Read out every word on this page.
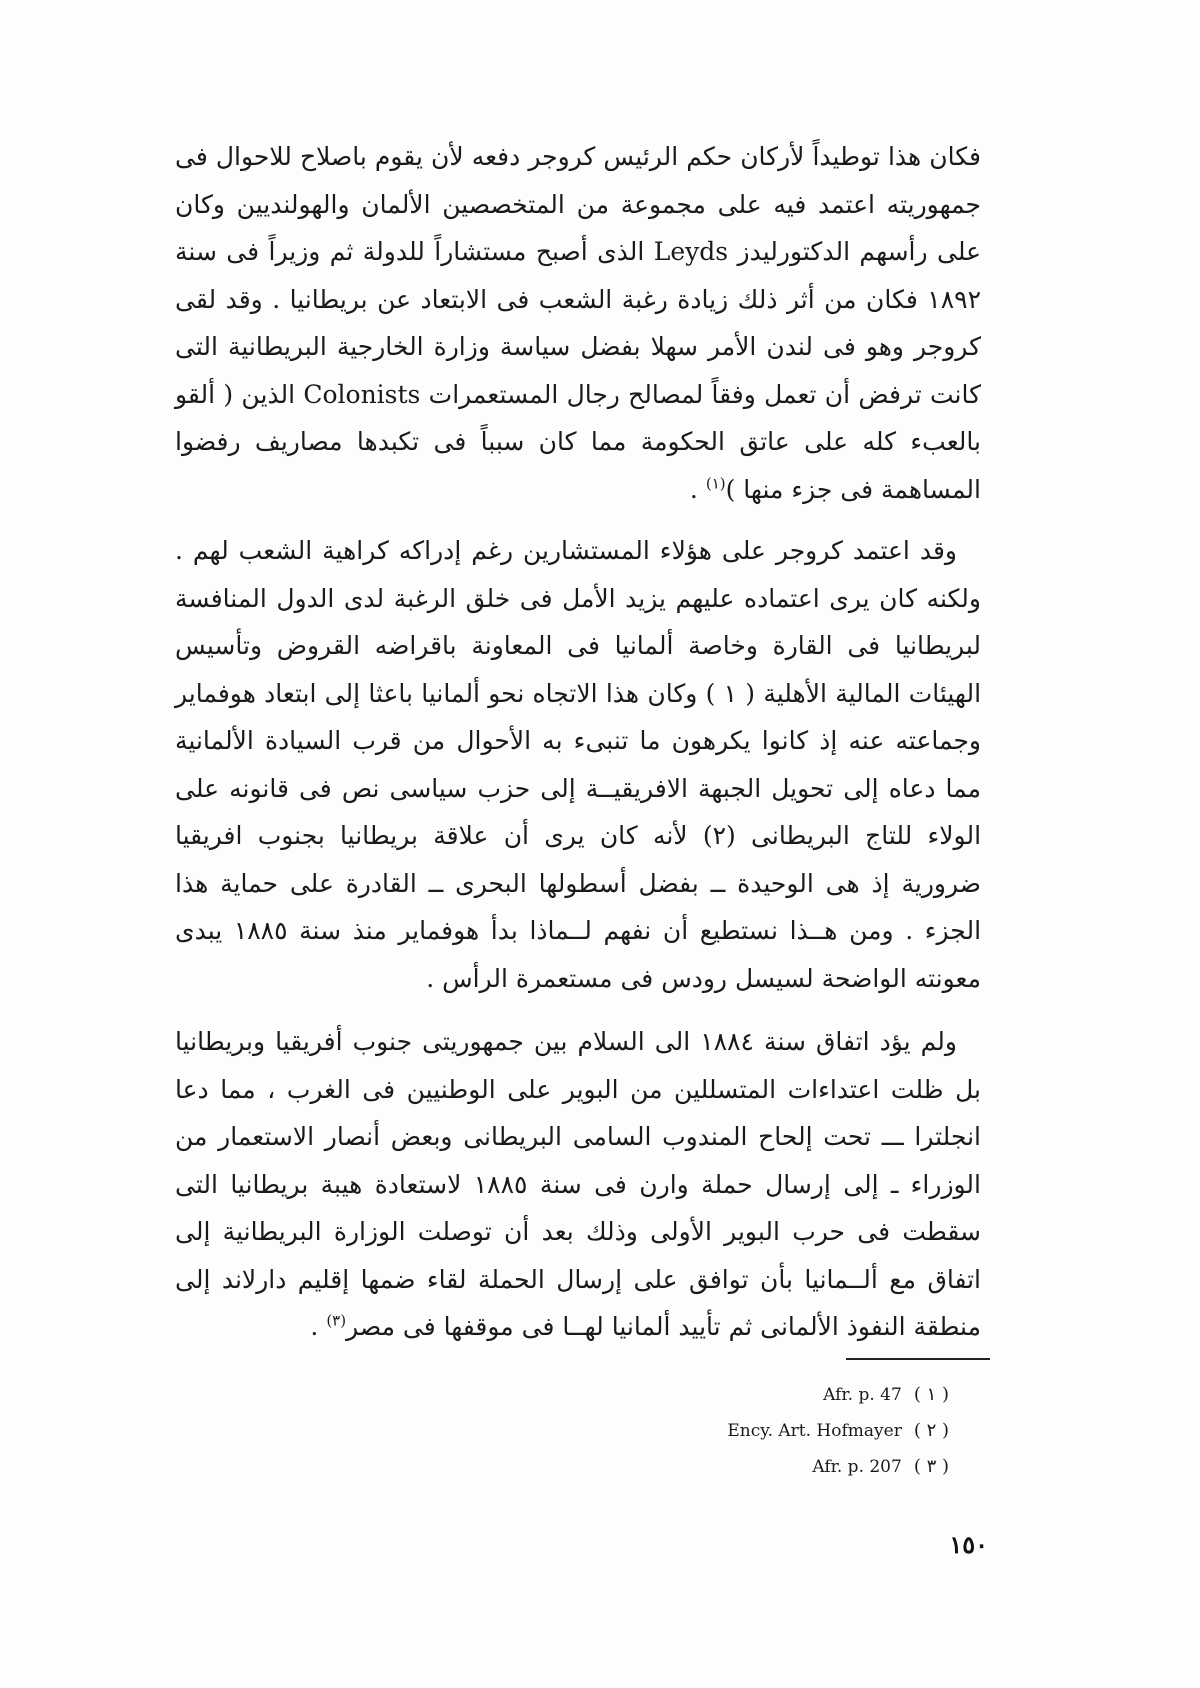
فكان هذا توطيداً لأركان حكم الرئيس كروجر دفعه لأن يقوم باصلاح للاحوال فى جمهوريته اعتمد فيه على مجموعة من المتخصصين الألمان والهولنديين وكان على رأسهم الدكتورليدز Leyds الذى أصبح مستشاراً للدولة ثم وزيراً فى سنة ١٨٩٢ فكان من أثر ذلك زيادة رغبة الشعب فى الابتعاد عن بريطانيا . وقد لقى كروجر وهو فى لندن الأمر سهلا بفضل سياسة وزارة الخارجية البريطانية التى كانت ترفض أن تعمل وفقاً لمصالح رجال المستعمرات Colonists الذين ( ألقو بالعبء كله على عاتق الحكومة مما كان سبباً فى تكبدها مصاريف رفضوا المساهمة فى جزء منها )$^{(١)}$ .

وقد اعتمد كروجر على هؤلاء المستشارين رغم إدراكه كراهية الشعب لهم . ولكنه كان يرى اعتماده عليهم يزيد الأمل فى خلق الرغبة لدى الدول المنافسة لبريطانيا فى القارة وخاصة ألمانيا فى المعاونة باقراضه القروض وتأسيس الهيئات المالية الأهلية ( ١ ) وكان هذا الاتجاه نحو ألمانيا باعثا إلى ابتعاد هوفماير وجماعته عنه إذ كانوا يكرهون ما تنبىء به الأحوال من قرب السيادة الألمانية مما دعاه إلى تحويل الجبهة الافريقيــة إلى حزب سياسى نص فى قانونه على الولاء للتاج البريطانى (٢) لأنه كان يرى أن علاقة بريطانيا بجنوب افريقيا ضرورية إذ هى الوحيدة ــ بفضل أسطولها البحرى ــ القادرة على حماية هذا الجزء . ومن هــذا نستطيع أن نفهم لــماذا بدأ هوفماير منذ سنة ١٨٨٥ يبدى معونته الواضحة لسيسل رودس فى مستعمرة الرأس .

ولم يؤد اتفاق سنة ١٨٨٤ الى السلام بين جمهوريتى جنوب أفريقيا وبريطانيا بل ظلت اعتداءات المتسللين من البوير على الوطنيين فى الغرب ، مما دعا انجلترا ـــ تحت إلحاح المندوب السامى البريطانى وبعض أنصار الاستعمار من الوزراء ـ إلى إرسال حملة وارن فى سنة ١٨٨٥ لاستعادة هيبة بريطانيا التى سقطت فى حرب البوير الأولى وذلك بعد أن توصلت الوزارة البريطانية إلى اتفاق مع ألــمانيا بأن توافق على إرسال الحملة لقاء ضمها إقليم دارلاند إلى منطقة النفوذ الألمانى ثم تأييد ألمانيا لهــا فى موقفها فى مصر$^{(٣)}$ .

Afr. p. 47 ( ١ )
Ency. Art. Hofmayer ( ٢ )
Afr. p. 207 ( ٣ )
١٥٠
